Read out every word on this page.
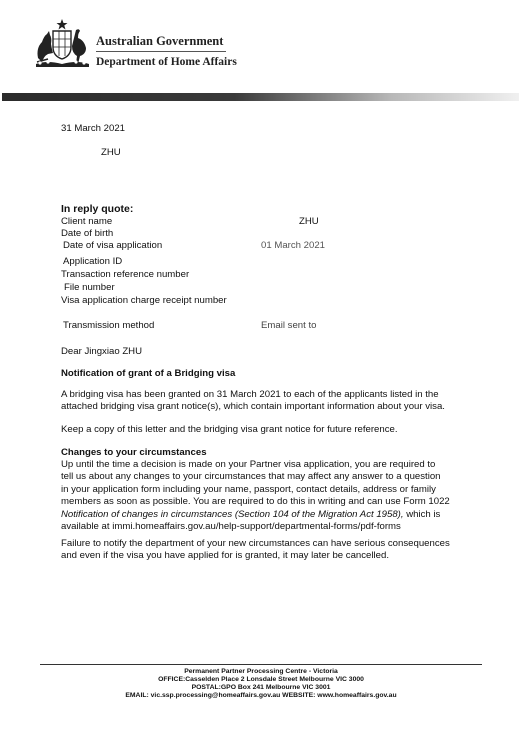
Australian Government
Department of Home Affairs
31 March 2021
ZHU
In reply quote:
Client name	ZHU
Date of birth
Date of visa application	01 March 2021
Application ID
Transaction reference number
File number
Visa application charge receipt number
Transmission method	Email sent to
Dear Jingxiao ZHU
Notification of grant of a Bridging visa

A bridging visa has been granted on 31 March 2021 to each of the applicants listed in the

attached bridging visa grant notice(s), which contain important information about your visa.

Keep a copy of this letter and the bridging visa grant notice for future reference.
Changes to your circumstances

Up until the time a decision is made on your Partner visa application, you are required to

tell us about any changes to your circumstances that may affect any answer to a question

in your application form including your name, passport, contact details, address or family

members as soon as possible. You are required to do this in writing and can use Form 1022

Notification of changes in circumstances (Section 104 of the Migration Act 1958), which is

available at immi.homeaffairs.gov.au/help-support/departmental-forms/pdf-forms

Failure to notify the department of your new circumstances can have serious consequences

and even if the visa you have applied for is granted, it may later be cancelled.

Permanent Partner Processing Centre - Victoria
OFFICE:Casselden Place 2 Lonsdale Street Melbourne VIC 3000
POSTAL:GPO Box 241 Melbourne VIC 3001
EMAIL: vic.ssp.processing@homeaffairs.gov.au WEBSITE: www.homeaffairs.gov.au
